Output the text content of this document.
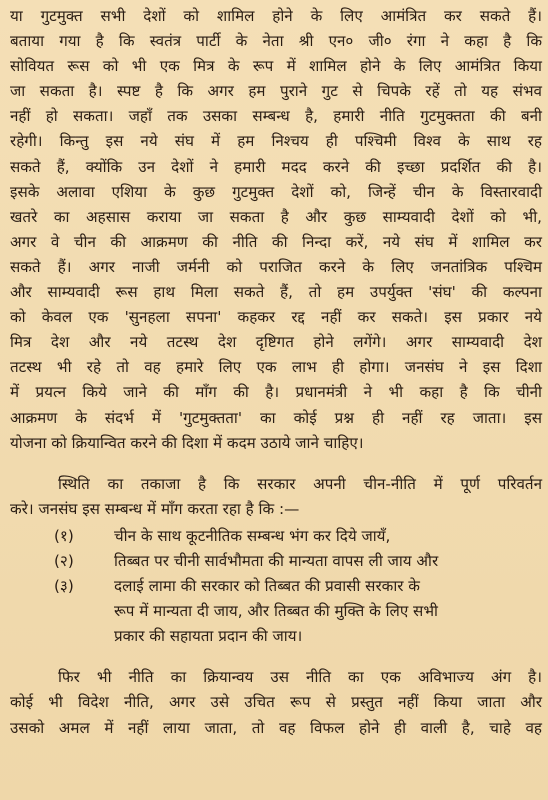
या गुटमुक्त सभी देशों को शामिल होने के लिए आमंत्रित कर सकते हैं।

बताया गया है कि स्वतंत्र पार्टी के नेता श्री एन० जी० रंगा ने कहा है कि

सोवियत रूस को भी एक मित्र के रूप में शामिल होने के लिए आमंत्रित किया

जा सकता है। स्पष्ट है कि अगर हम पुराने गुट से चिपके रहें तो यह संभव

नहीं हो सकता। जहाँ तक उसका सम्बन्ध है, हमारी नीति गुटमुक्तता की बनी

रहेगी। किन्तु इस नये संघ में हम निश्चय ही पश्चिमी विश्व के साथ रह

सकते हैं, क्योंकि उन देशों ने हमारी मदद करने की इच्छा प्रदर्शित की है।

इसके अलावा एशिया के कुछ गुटमुक्त देशों को, जिन्हें चीन के विस्तारवादी

खतरे का अहसास कराया जा सकता है और कुछ साम्यवादी देशों को भी,

अगर वे चीन की आक्रमण की नीति की निन्दा करें, नये संघ में शामिल कर

सकते हैं। अगर नाजी जर्मनी को पराजित करने के लिए जनतांत्रिक पश्चिम

और साम्यवादी रूस हाथ मिला सकते हैं, तो हम उपर्युक्त 'संघ' की कल्पना

को केवल एक 'सुनहला सपना' कहकर रद्द नहीं कर सकते। इस प्रकार नये

मित्र देश और नये तटस्थ देश दृष्टिगत होने लगेंगे। अगर साम्यवादी देश

तटस्थ भी रहे तो वह हमारे लिए एक लाभ ही होगा। जनसंघ ने इस दिशा

में प्रयत्न किये जाने की माँग की है। प्रधानमंत्री ने भी कहा है कि चीनी

आक्रमण के संदर्भ में 'गुटमुक्तता' का कोई प्रश्न ही नहीं रह जाता। इस

योजना को क्रियान्वित करने की दिशा में कदम उठाये जाने चाहिए।

स्थिति का तकाजा है कि सरकार अपनी चीन-नीति में पूर्ण परिवर्तन

करे। जनसंघ इस सम्बन्ध में माँग करता रहा है कि :—

(१)	चीन के साथ कूटनीतिक सम्बन्ध भंग कर दिये जायँ,
(२)	तिब्बत पर चीनी सार्वभौमता की मान्यता वापस ली जाय और
(३)	दलाई लामा की सरकार को तिब्बत की प्रवासी सरकार के
रूप में मान्यता दी जाय, और तिब्बत की मुक्ति के लिए सभी
प्रकार की सहायता प्रदान की जाय।

फिर भी नीति का क्रियान्वय उस नीति का एक अविभाज्य अंग है।

कोई भी विदेश नीति, अगर उसे उचित रूप से प्रस्तुत नहीं किया जाता और

उसको अमल में नहीं लाया जाता, तो वह विफल होने ही वाली है, चाहे वह
